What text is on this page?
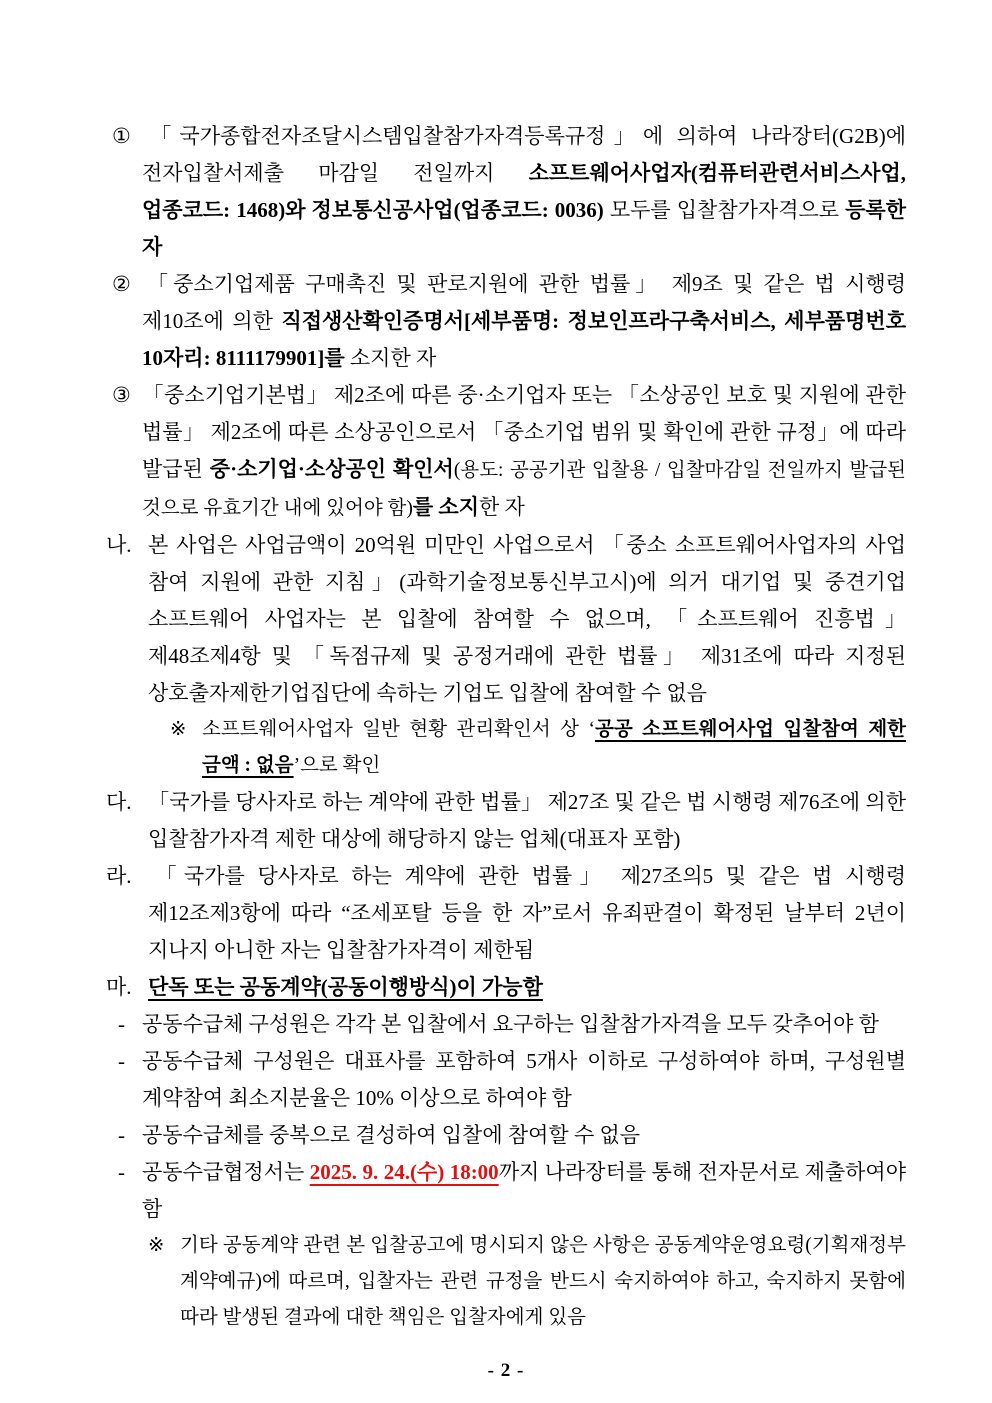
① 「국가종합전자조달시스템입찰참가자격등록규정」에 의하여 나라장터(G2B)에 전자입찰서제출 마감일 전일까지 소프트웨어사업자(컴퓨터관련서비스사업, 업종코드: 1468)와 정보통신공사업(업종코드: 0036) 모두를 입찰참가자격으로 등록한 자
② 「중소기업제품 구매촉진 및 판로지원에 관한 법률」 제9조 및 같은 법 시행령 제10조에 의한 직접생산확인증명서[세부품명: 정보인프라구축서비스, 세부품명번호 10자리: 8111179901]를 소지한 자
③ 「중소기업기본법」 제2조에 따른 중·소기업자 또는 「소상공인 보호 및 지원에 관한 법률」 제2조에 따른 소상공인으로서 「중소기업 범위 및 확인에 관한 규정」에 따라 발급된 중·소기업·소상공인 확인서(용도: 공공기관 입찰용 / 입찰마감일 전일까지 발급된 것으로 유효기간 내에 있어야 함)를 소지한 자
나. 본 사업은 사업금액이 20억원 미만인 사업으로서 「중소 소프트웨어사업자의 사업 참여 지원에 관한 지침」(과학기술정보통신부고시)에 의거 대기업 및 중견기업 소프트웨어 사업자는 본 입찰에 참여할 수 없으며, 「소프트웨어 진흥법」 제48조제4항 및 「독점규제 및 공정거래에 관한 법률」 제31조에 따라 지정된 상호출자제한기업집단에 속하는 기업도 입찰에 참여할 수 없음
※ 소프트웨어사업자 일반 현황 관리확인서 상 ‘공공 소프트웨어사업 입찰참여 제한 금액 : 없음’으로 확인
다. 「국가를 당사자로 하는 계약에 관한 법률」 제27조 및 같은 법 시행령 제76조에 의한 입찰참가자격 제한 대상에 해당하지 않는 업체(대표자 포함)
라. 「국가를 당사자로 하는 계약에 관한 법률」 제27조의5 및 같은 법 시행령 제12조제3항에 따라 “조세포탈 등을 한 자”로서 유죄판결이 확정된 날부터 2년이 지나지 아니한 자는 입찰참가자격이 제한됨
마. 단독 또는 공동계약(공동이행방식)이 가능함
- 공동수급체 구성원은 각각 본 입찰에서 요구하는 입찰참가자격을 모두 갖추어야 함
- 공동수급체 구성원은 대표사를 포함하여 5개사 이하로 구성하여야 하며, 구성원별 계약참여 최소지분율은 10% 이상으로 하여야 함
- 공동수급체를 중복으로 결성하여 입찰에 참여할 수 없음
- 공동수급협정서는 2025. 9. 24.(수) 18:00까지 나라장터를 통해 전자문서로 제출하여야 함
※ 기타 공동계약 관련 본 입찰공고에 명시되지 않은 사항은 공동계약운영요령(기획재정부 계약예규)에 따르며, 입찰자는 관련 규정을 반드시 숙지하여야 하고, 숙지하지 못함에 따라 발생된 결과에 대한 책임은 입찰자에게 있음
- 2 -
